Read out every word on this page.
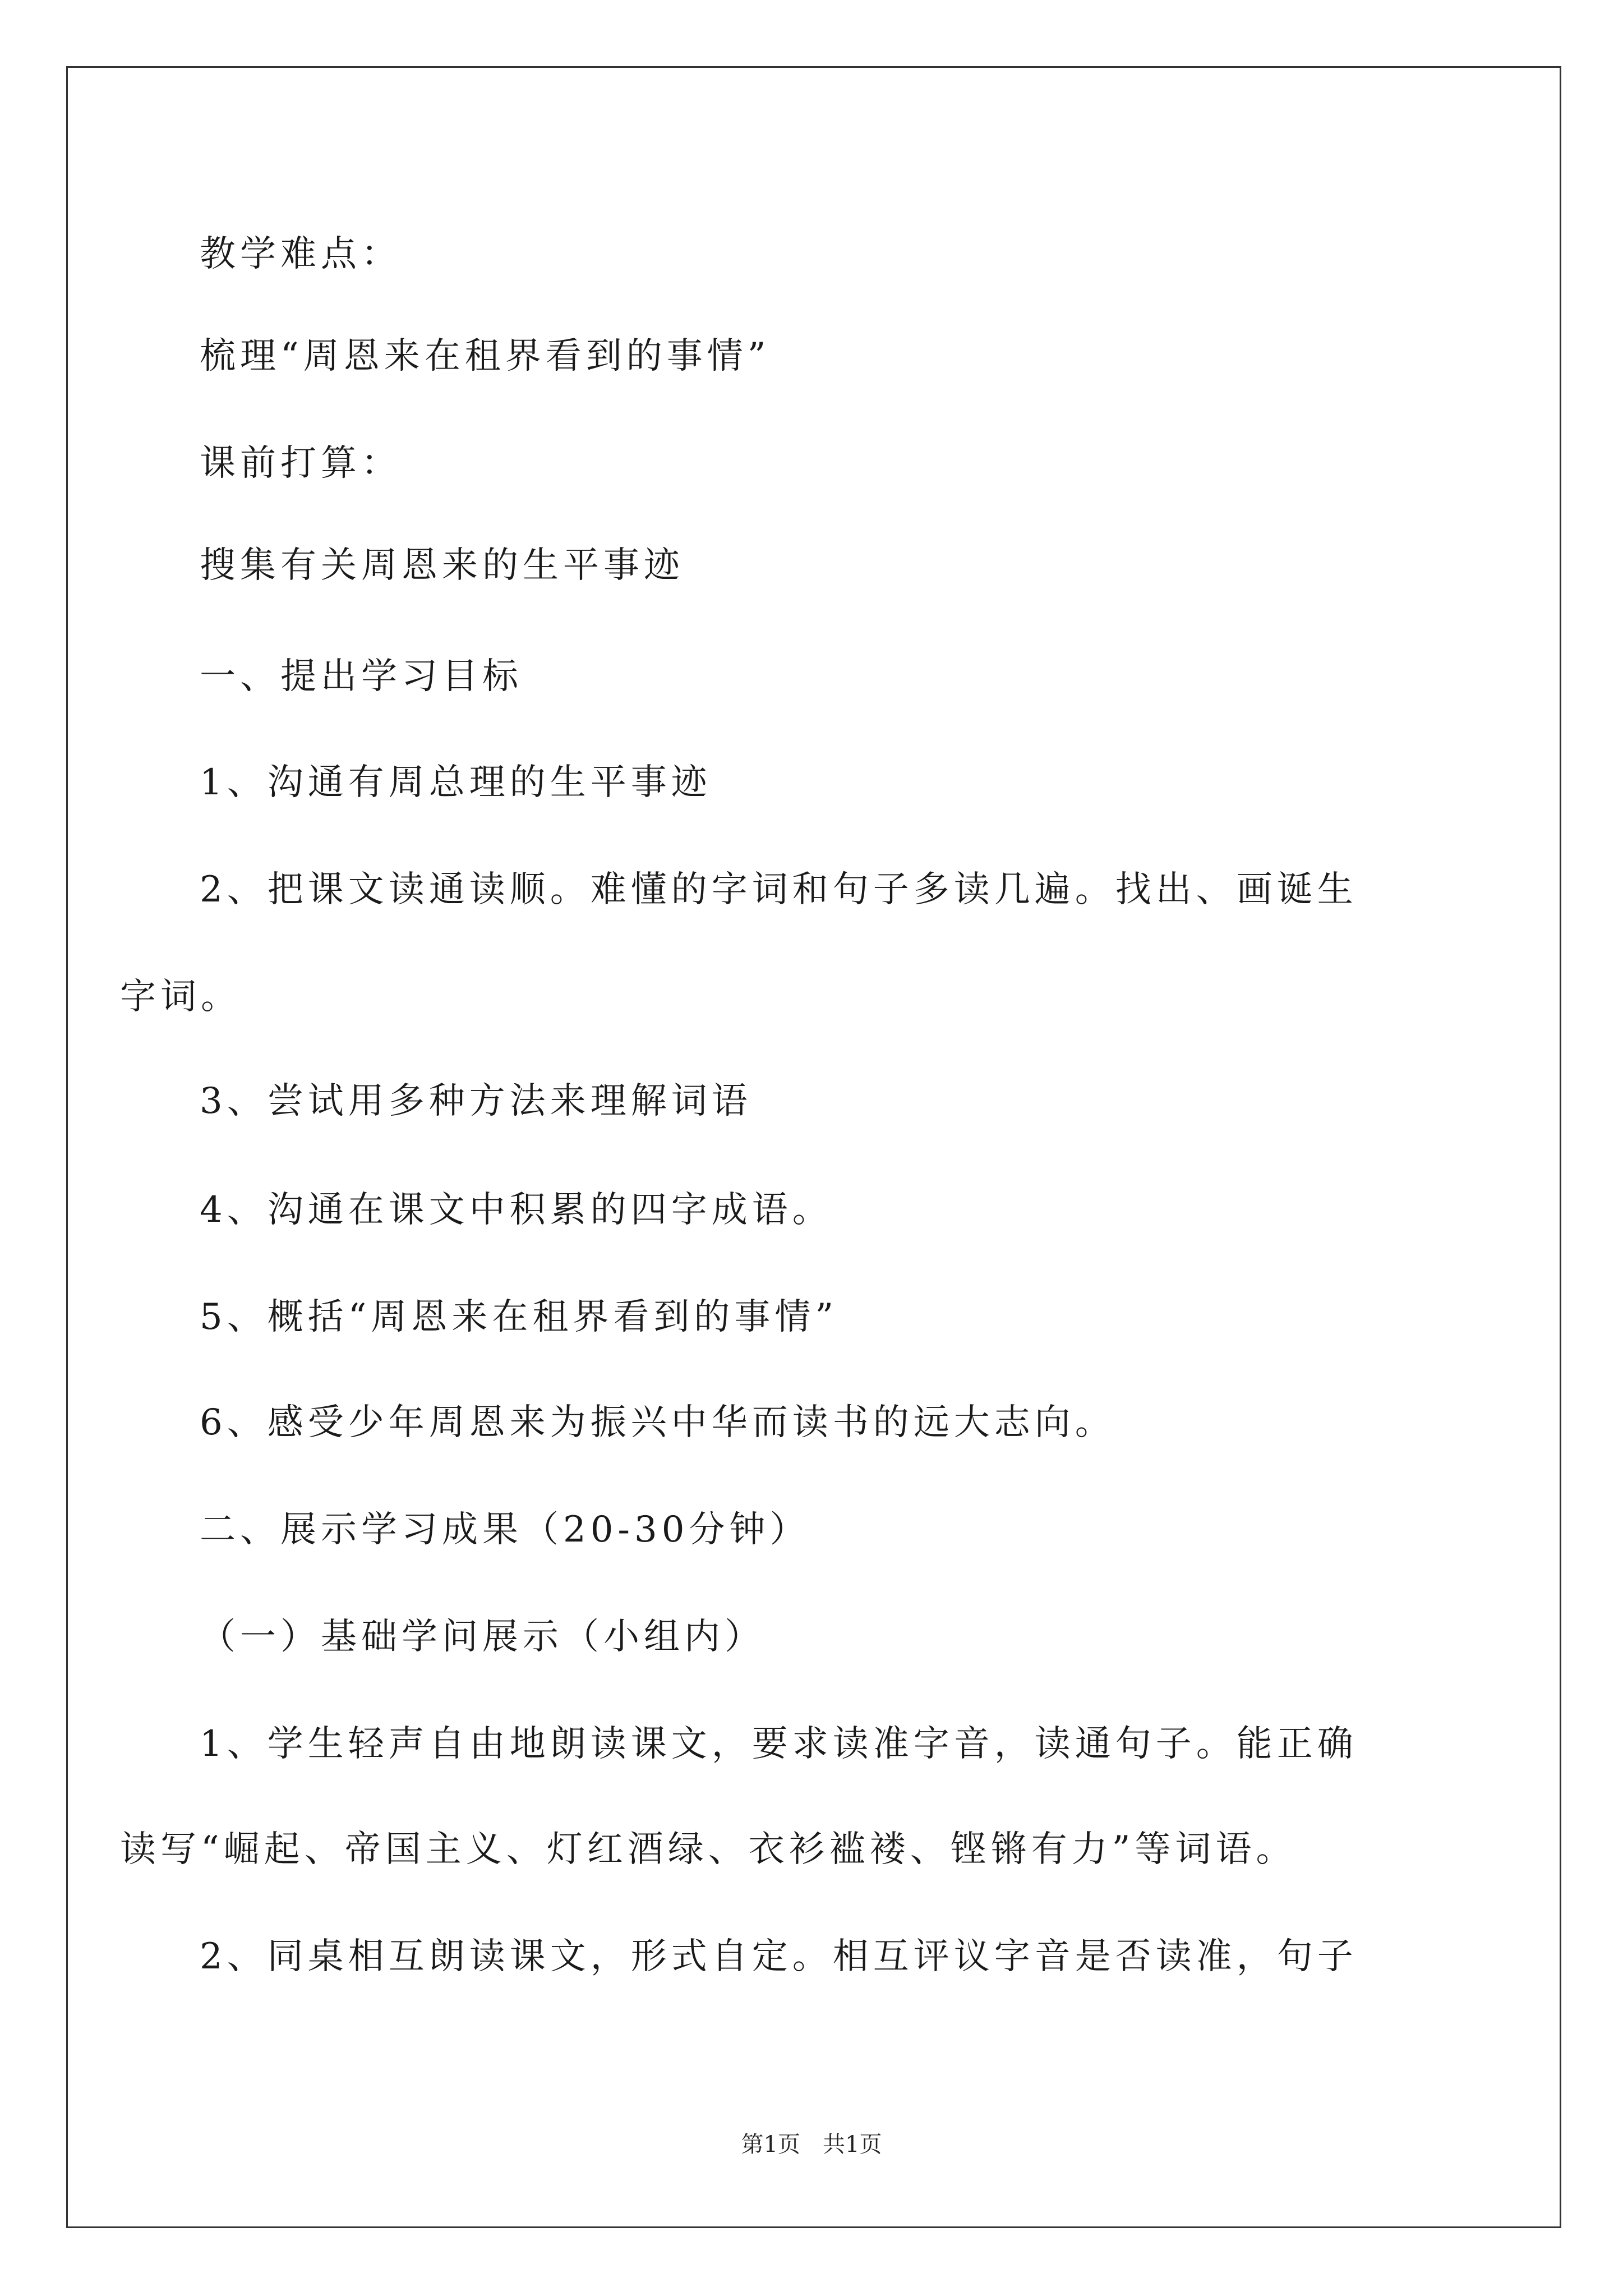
教学难点：
梳理“周恩来在租界看到的事情”
课前打算：
搜集有关周恩来的生平事迹
一、提出学习目标
1、沟通有周总理的生平事迹
2、把课文读通读顺。难懂的字词和句子多读几遍。找出、画诞生
字词。
3、尝试用多种方法来理解词语
4、沟通在课文中积累的四字成语。
5、概括“周恩来在租界看到的事情”
6、感受少年周恩来为振兴中华而读书的远大志向。
二、展示学习成果（20-30分钟）
（一）基础学问展示（小组内）
1、学生轻声自由地朗读课文，要求读准字音，读通句子。能正确
读写“崛起、帝国主义、灯红酒绿、衣衫褴褛、铿锵有力”等词语。
2、同桌相互朗读课文，形式自定。相互评议字音是否读准，句子
第1页 共1页
